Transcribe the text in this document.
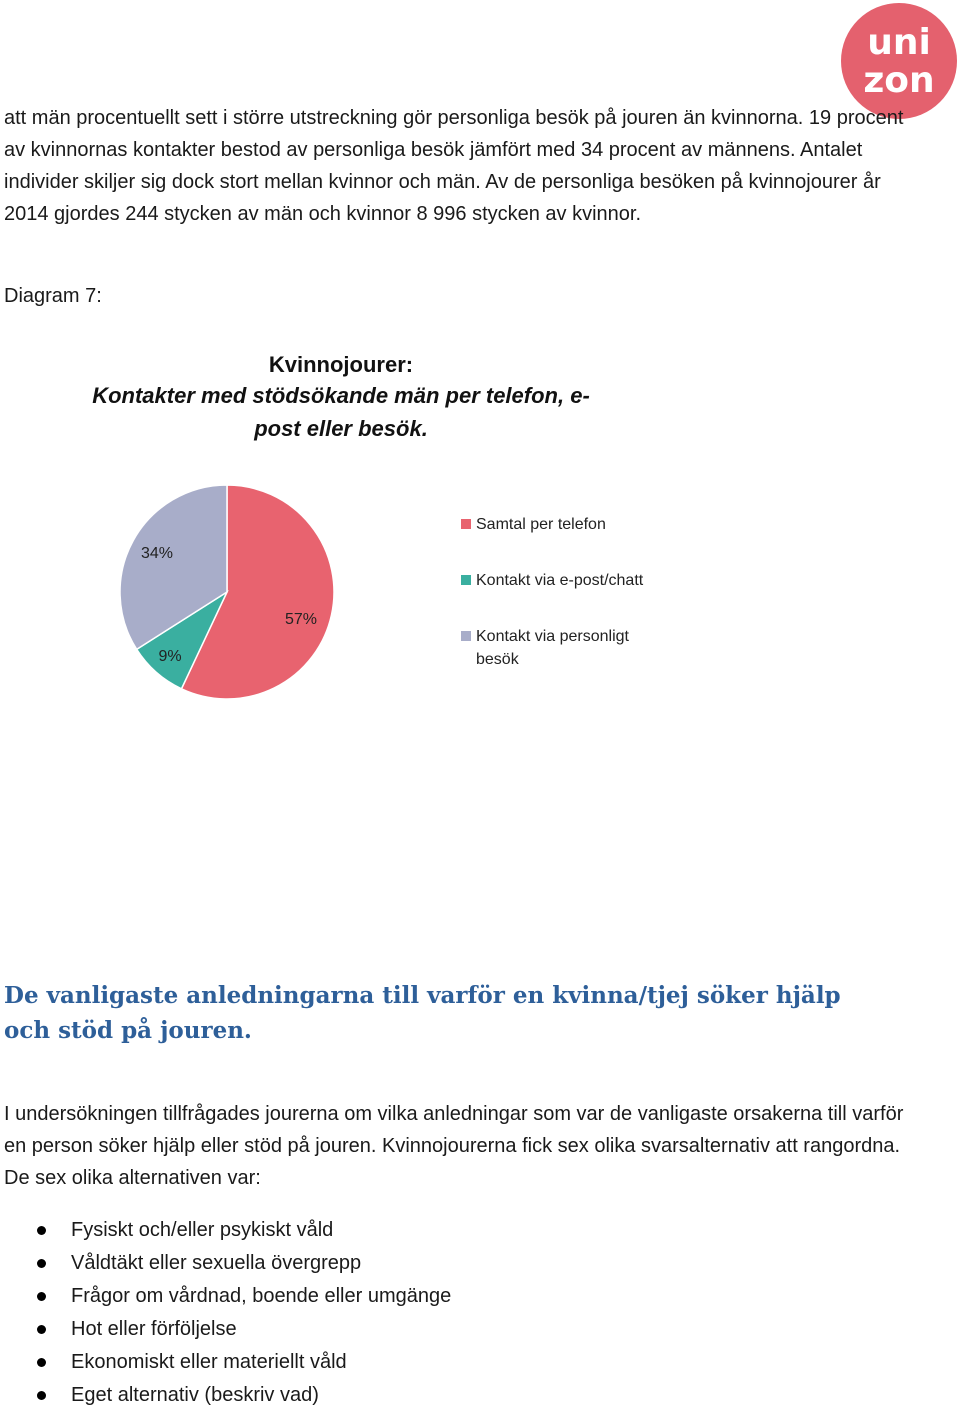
uni
zon

att män procentuellt sett i större utstreckning gör personliga besök på jouren än kvinnorna. 19 procent av kvinnornas kontakter bestod av personliga besök jämfört med 34 procent av männens. Antalet individer skiljer sig dock stort mellan kvinnor och män. Av de personliga besöken på kvinnojourer år 2014 gjordes 244 stycken av män och kvinnor 8 996 stycken av kvinnor.

Diagram 7:

Kvinnojourer:
Kontakter med stödsökande män per telefon, e-
post eller besök.
34%
9%
57%
Samtal per telefon
Kontakt via e-post/chatt
Kontakt via personligt
besök
De vanligaste anledningarna till varför en kvinna/tjej söker hjälp och stöd på jouren.

I undersökningen tillfrågades jourerna om vilka anledningar som var de vanligaste orsakerna till varför en person söker hjälp eller stöd på jouren. Kvinnojourerna fick sex olika svarsalternativ att rangordna. De sex olika alternativen var:

Fysiskt och/eller psykiskt våld
Våldtäkt eller sexuella övergrepp
Frågor om vårdnad, boende eller umgänge
Hot eller förföljelse
Ekonomiskt eller materiellt våld
Eget alternativ (beskriv vad)
